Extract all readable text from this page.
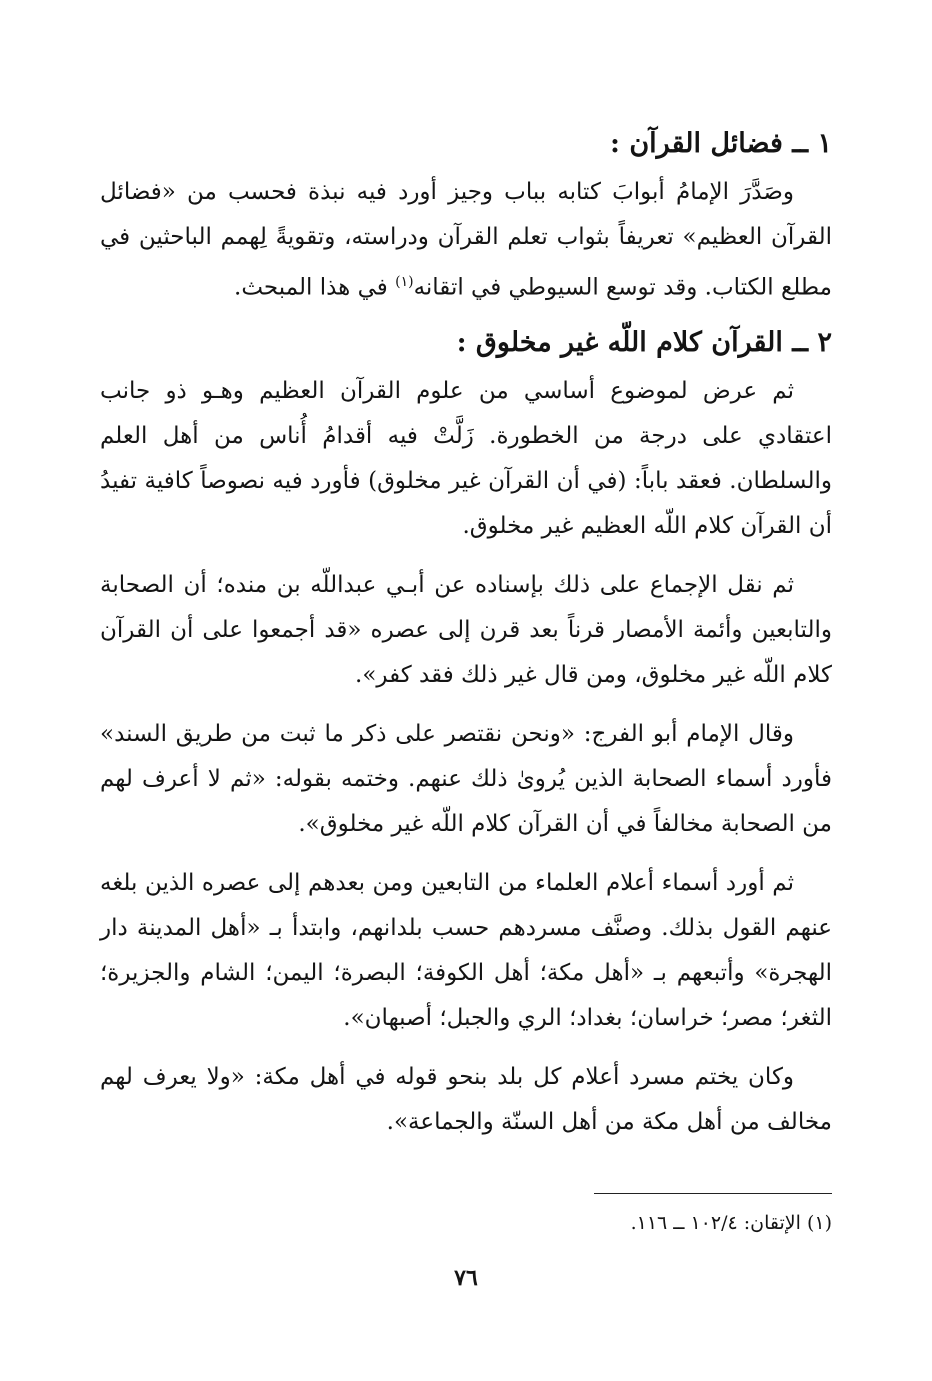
١ ــ فضائل القرآن :

وصَدَّرَ الإمامُ أبوابَ كتابه بباب وجيز أورد فيه نبذة فحسب من «فضائل القرآن العظيم» تعريفاً بثواب تعلم القرآن ودراسته، وتقويةً لِهمم الباحثين في مطلع الكتاب. وقد توسع السيوطي في اتقانه$^{(١)}$ في هذا المبحث.

٢ ــ القرآن كلام اللّه غير مخلوق :

ثم عرض لموضوع أساسي من علوم القرآن العظيم وهـو ذو جانب اعتقادي على درجة من الخطورة. زَلَّتْ فيه أقدامُ أُناس من أهل العلم والسلطان. فعقد باباً: (في أن القرآن غير مخلوق) فأورد فيه نصوصاً كافية تفيدُ أن القرآن كلام اللّه العظيم غير مخلوق.

ثم نقل الإجماع على ذلك بإسناده عن أبـي عبداللّه بن منده؛ أن الصحابة والتابعين وأئمة الأمصار قرناً بعد قرن إلى عصره «قد أجمعوا على أن القرآن كلام اللّه غير مخلوق، ومن قال غير ذلك فقد كفر».

وقال الإمام أبو الفرج: «ونحن نقتصر على ذكر ما ثبت من طريق السند» فأورد أسماء الصحابة الذين يُروىٰ ذلك عنهم. وختمه بقوله: «ثم لا أعرف لهم من الصحابة مخالفاً في أن القرآن كلام اللّه غير مخلوق».

ثم أورد أسماء أعلام العلماء من التابعين ومن بعدهم إلى عصره الذين بلغه عنهم القول بذلك. وصنَّف مسردهم حسب بلدانهم، وابتدأ بـ «أهل المدينة دار الهجرة» وأتبعهم بـ «أهل مكة؛ أهل الكوفة؛ البصرة؛ اليمن؛ الشام والجزيرة؛ الثغر؛ مصر؛ خراسان؛ بغداد؛ الري والجبل؛ أصبهان».

وكان يختم مسرد أعلام كل بلد بنحو قوله في أهل مكة: «ولا يعرف لهم مخالف من أهل مكة من أهل السنّة والجماعة».

(١) الإتقان: ١٠٢/٤ ــ ١١٦.

٧٦
